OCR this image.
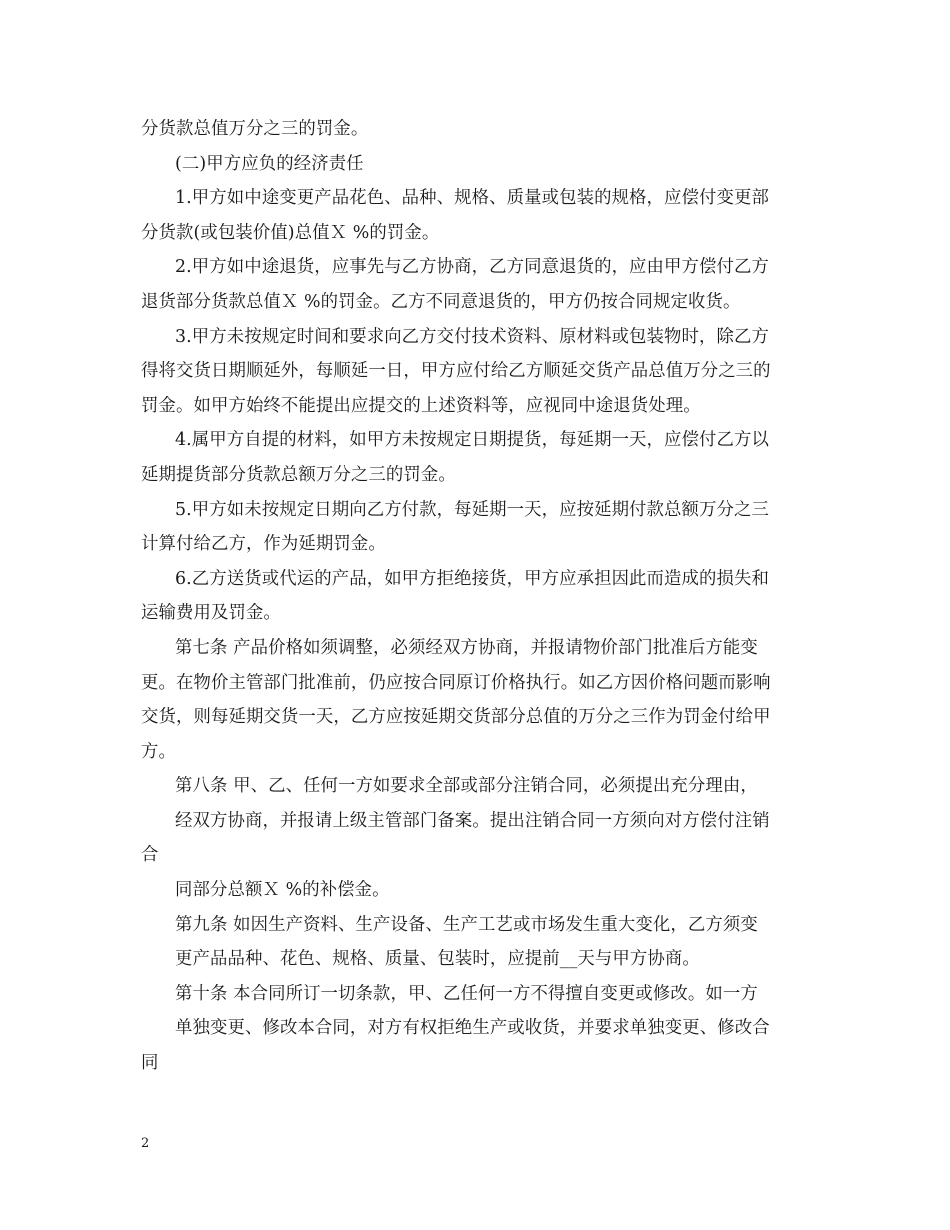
分货款总值万分之三的罚金。
(二)甲方应负的经济责任
1.甲方如中途变更产品花色、品种、规格、质量或包装的规格，应偿付变更部
分货款(或包装价值)总值Ｘ %的罚金。
2.甲方如中途退货，应事先与乙方协商，乙方同意退货的，应由甲方偿付乙方
退货部分货款总值Ｘ %的罚金。乙方不同意退货的，甲方仍按合同规定收货。
3.甲方未按规定时间和要求向乙方交付技术资料、原材料或包装物时，除乙方
得将交货日期顺延外，每顺延一日，甲方应付给乙方顺延交货产品总值万分之三的
罚金。如甲方始终不能提出应提交的上述资料等，应视同中途退货处理。
4.属甲方自提的材料，如甲方未按规定日期提货，每延期一天，应偿付乙方以
延期提货部分货款总额万分之三的罚金。
5.甲方如未按规定日期向乙方付款，每延期一天，应按延期付款总额万分之三
计算付给乙方，作为延期罚金。
6.乙方送货或代运的产品，如甲方拒绝接货，甲方应承担因此而造成的损失和
运输费用及罚金。
第七条 产品价格如须调整，必须经双方协商，并报请物价部门批准后方能变
更。在物价主管部门批准前，仍应按合同原订价格执行。如乙方因价格问题而影响
交货，则每延期交货一天，乙方应按延期交货部分总值的万分之三作为罚金付给甲
方。
第八条 甲、乙、任何一方如要求全部或部分注销合同，必须提出充分理由，
经双方协商，并报请上级主管部门备案。提出注销合同一方须向对方偿付注销
合
同部分总额Ｘ %的补偿金。
第九条 如因生产资料、生产设备、生产工艺或市场发生重大变化，乙方须变
更产品品种、花色、规格、质量、包装时，应提前__天与甲方协商。
第十条 本合同所订一切条款，甲、乙任何一方不得擅自变更或修改。如一方
单独变更、修改本合同，对方有权拒绝生产或收货，并要求单独变更、修改合
同
2
